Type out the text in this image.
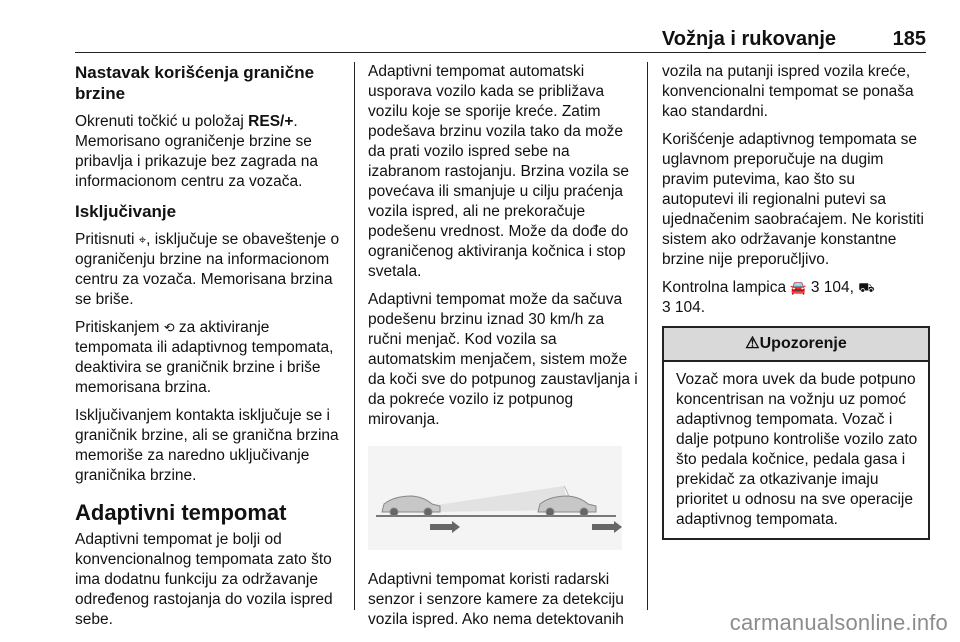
Vožnja i rukovanje	185
Nastavak korišćenja granične brzine

Okrenuti točkić u položaj RES/+. Memorisano ograničenje brzine se pribavlja i prikazuje bez zagrada na informacionom centru za vozača.

Isključivanje

Pritisnuti ⌖, isključuje se obaveštenje o ograničenju brzine na informacionom centru za vozača. Memorisana brzina se briše.

Pritiskanjem ⟲ za aktiviranje tempomata ili adaptivnog tempomata, deaktivira se graničnik brzine i briše memorisana brzina.

Isključivanjem kontakta isključuje se i graničnik brzine, ali se granična brzina memoriše za naredno uključivanje graničnika brzine.

Adaptivni tempomat

Adaptivni tempomat je bolji od konvencionalnog tempomata zato što ima dodatnu funkciju za održavanje određenog rastojanja do vozila ispred sebe.

Adaptivni tempomat automatski usporava vozilo kada se približava vozilu koje se sporije kreće. Zatim podešava brzinu vozila tako da može da prati vozilo ispred sebe na izabranom rastojanju. Brzina vozila se povećava ili smanjuje u cilju praćenja vozila ispred, ali ne prekoračuje podešenu vrednost. Može da dođe do ograničenog aktiviranja kočnica i stop svetala.

Adaptivni tempomat može da sačuva podešenu brzinu iznad 30 km/h za ručni menjač. Kod vozila sa automatskim menjačem, sistem može da koči sve do potpunog zaustavljanja i da pokreće vozilo iz potpunog mirovanja.

Adaptivni tempomat koristi radarski senzor i senzore kamere za detekciju vozila ispred. Ako nema detektovanih

vozila na putanji ispred vozila kreće, konvencionalni tempomat se ponaša kao standardni.

Korišćenje adaptivnog tempomata se uglavnom preporučuje na dugim pravim putevima, kao što su autoputevi ili regionalni putevi sa ujednačenim saobraćajem. Ne koristiti sistem ako održavanje konstantne brzine nije preporučljivo.

Kontrolna lampica 🚘 3 104, ⛟
3 104.

⚠Upozorenje
Vozač mora uvek da bude potpuno koncentrisan na vožnju uz pomoć adaptivnog tempomata. Vozač i dalje potpuno kontroliše vozilo zato što pedala kočnice, pedala gasa i prekidač za otkazivanje imaju prioritet u odnosu na sve operacije adaptivnog tempomata.
carmanualsonline.info
